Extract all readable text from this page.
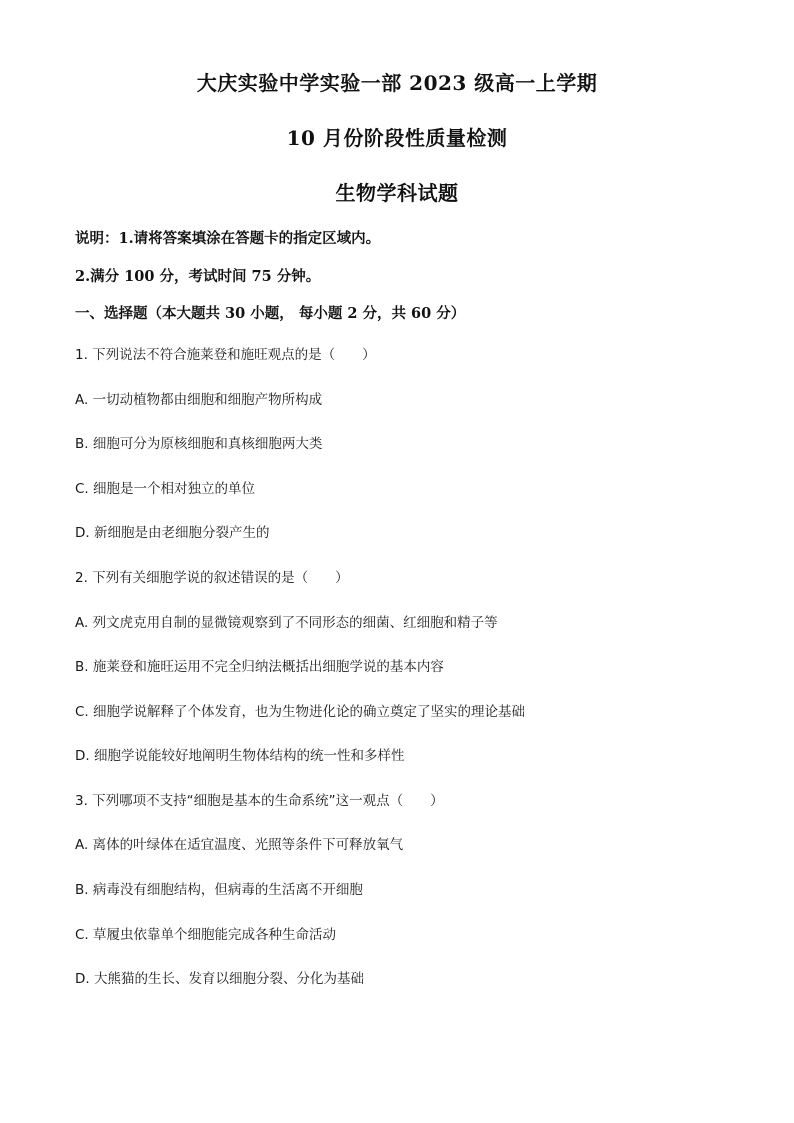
大庆实验中学实验一部 2023 级高一上学期
10 月份阶段性质量检测
生物学科试题
说明：1.请将答案填涂在答题卡的指定区域内。
2.满分 100 分，考试时间 75 分钟。
一、选择题（本大题共 30 小题， 每小题 2 分，共 60 分）
1. 下列说法不符合施莱登和施旺观点的是（　　）
A. 一切动植物都由细胞和细胞产物所构成
B. 细胞可分为原核细胞和真核细胞两大类
C. 细胞是一个相对独立的单位
D. 新细胞是由老细胞分裂产生的
2. 下列有关细胞学说的叙述错误的是（　　）
A. 列文虎克用自制的显微镜观察到了不同形态的细菌、红细胞和精子等
B. 施莱登和施旺运用不完全归纳法概括出细胞学说的基本内容
C. 细胞学说解释了个体发育，也为生物进化论的确立奠定了坚实的理论基础
D. 细胞学说能较好地阐明生物体结构的统一性和多样性
3. 下列哪项不支持“细胞是基本的生命系统”这一观点（　　）
A. 离体的叶绿体在适宜温度、光照等条件下可释放氧气
B. 病毒没有细胞结构，但病毒的生活离不开细胞
C. 草履虫依靠单个细胞能完成各种生命活动
D. 大熊猫的生长、发育以细胞分裂、分化为基础
